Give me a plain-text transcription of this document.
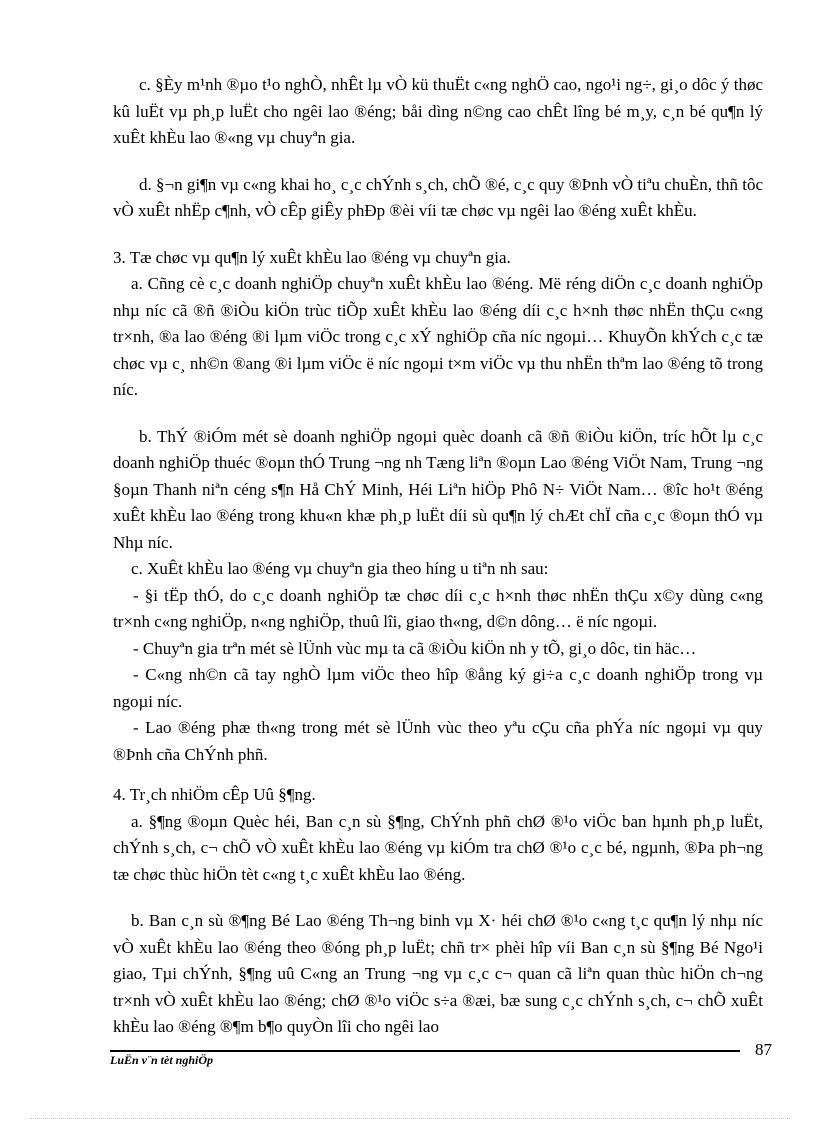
c. §Èy m¹nh ®µo t¹o nghÒ, nhÊt lµ vÒ kü thuËt c«ng nghÖ cao, ngo¹i ng÷, gi¸o dôc ý thøc kû luËt vµ ph¸p luËt cho ngêi lao ®éng; båi dìng n©ng cao chÊt lîng bé m¸y, c¸n bé qu¶n lý xuÊt khÈu lao ®«ng vµ chuyªn gia.

d. §¬n gi¶n vµ c«ng khai ho¸ c¸c chÝnh s¸ch, chÕ ®é, c¸c quy ®Þnh vÒ tiªu chuÈn, thñ tôc vÒ xuÊt nhËp c¶nh, vÒ cÊp giÊy phÐp ®èi víi tæ chøc vµ ngêi lao ®éng xuÊt khÈu.

3. Tæ chøc vµ qu¶n lý xuÊt khÈu lao ®éng vµ chuyªn gia.

a. Cñng cè c¸c doanh nghiÖp chuyªn xuÊt khÈu lao ®éng. Më réng diÖn c¸c doanh nghiÖp nhµ níc cã ®ñ ®iÒu kiÖn trùc tiÕp xuÊt khÈu lao ®éng díi c¸c h×nh thøc nhËn thÇu c«ng tr×nh, ®a lao ®éng ®i lµm viÖc trong c¸c xÝ nghiÖp cña níc ngoµi… KhuyÕn khÝch c¸c tæ chøc vµ c¸ nh©n ®ang ®i lµm viÖc ë níc ngoµi t×m viÖc vµ thu nhËn thªm lao ®éng tõ trong níc.

b. ThÝ ®iÓm mét sè doanh nghiÖp ngoµi quèc doanh cã ®ñ ®iÒu kiÖn, tríc hÕt lµ c¸c doanh nghiÖp thuéc ®oµn thÓ Trung ¬ng nh Tæng liªn ®oµn Lao ®éng ViÖt Nam, Trung ¬ng §oµn Thanh niªn céng s¶n Hå ChÝ Minh, Héi Liªn hiÖp Phô N÷ ViÖt Nam… ®îc ho¹t ®éng xuÊt khÈu lao ®éng trong khu«n khæ ph¸p luËt díi sù qu¶n lý chÆt chÏ cña c¸c ®oµn thÓ vµ Nhµ níc.

c. XuÊt khÈu lao ®éng vµ chuyªn gia theo híng u tiªn nh sau:

- §i tËp thÓ, do c¸c doanh nghiÖp tæ chøc díi c¸c h×nh thøc nhËn thÇu x©y dùng c«ng tr×nh c«ng nghiÖp, n«ng nghiÖp, thuû lîi, giao th«ng, d©n dông… ë níc ngoµi.

- Chuyªn gia trªn mét sè lÜnh vùc mµ ta cã ®iÒu kiÖn nh y tÕ, gi¸o dôc, tin häc…

- C«ng nh©n cã tay nghÒ lµm viÖc theo hîp ®ång ký gi÷a c¸c doanh nghiÖp trong vµ ngoµi níc.

- Lao ®éng phæ th«ng trong mét sè lÜnh vùc theo yªu cÇu cña phÝa níc ngoµi vµ quy ®Þnh cña ChÝnh phñ.

4. Tr¸ch nhiÖm cÊp Uû §¶ng.

a. §¶ng ®oµn Quèc héi, Ban c¸n sù §¶ng, ChÝnh phñ chØ ®¹o viÖc ban hµnh ph¸p luËt, chÝnh s¸ch, c¬ chÕ vÒ xuÊt khÈu lao ®éng vµ kiÓm tra chØ ®¹o c¸c bé, ngµnh, ®Þa ph¬ng tæ chøc thùc hiÖn tèt c«ng t¸c xuÊt khÈu lao ®éng.

b. Ban c¸n sù ®¶ng Bé Lao ®éng Th¬ng binh vµ X· héi chØ ®¹o c«ng t¸c qu¶n lý nhµ níc vÒ xuÊt khÈu lao ®éng theo ®óng ph¸p luËt; chñ tr× phèi hîp víi Ban c¸n sù §¶ng Bé Ngo¹i giao, Tµi chÝnh, §¶ng uû C«ng an Trung ¬ng vµ c¸c c¬ quan cã liªn quan thùc hiÖn ch¬ng tr×nh vÒ xuÊt khÈu lao ®éng; chØ ®¹o viÖc s÷a ®æi, bæ sung c¸c chÝnh s¸ch, c¬ chÕ xuÊt khÈu lao ®éng ®¶m b¶o quyÒn lîi cho ngêi lao

LuËn v¨n tèt nghiÖp
87
